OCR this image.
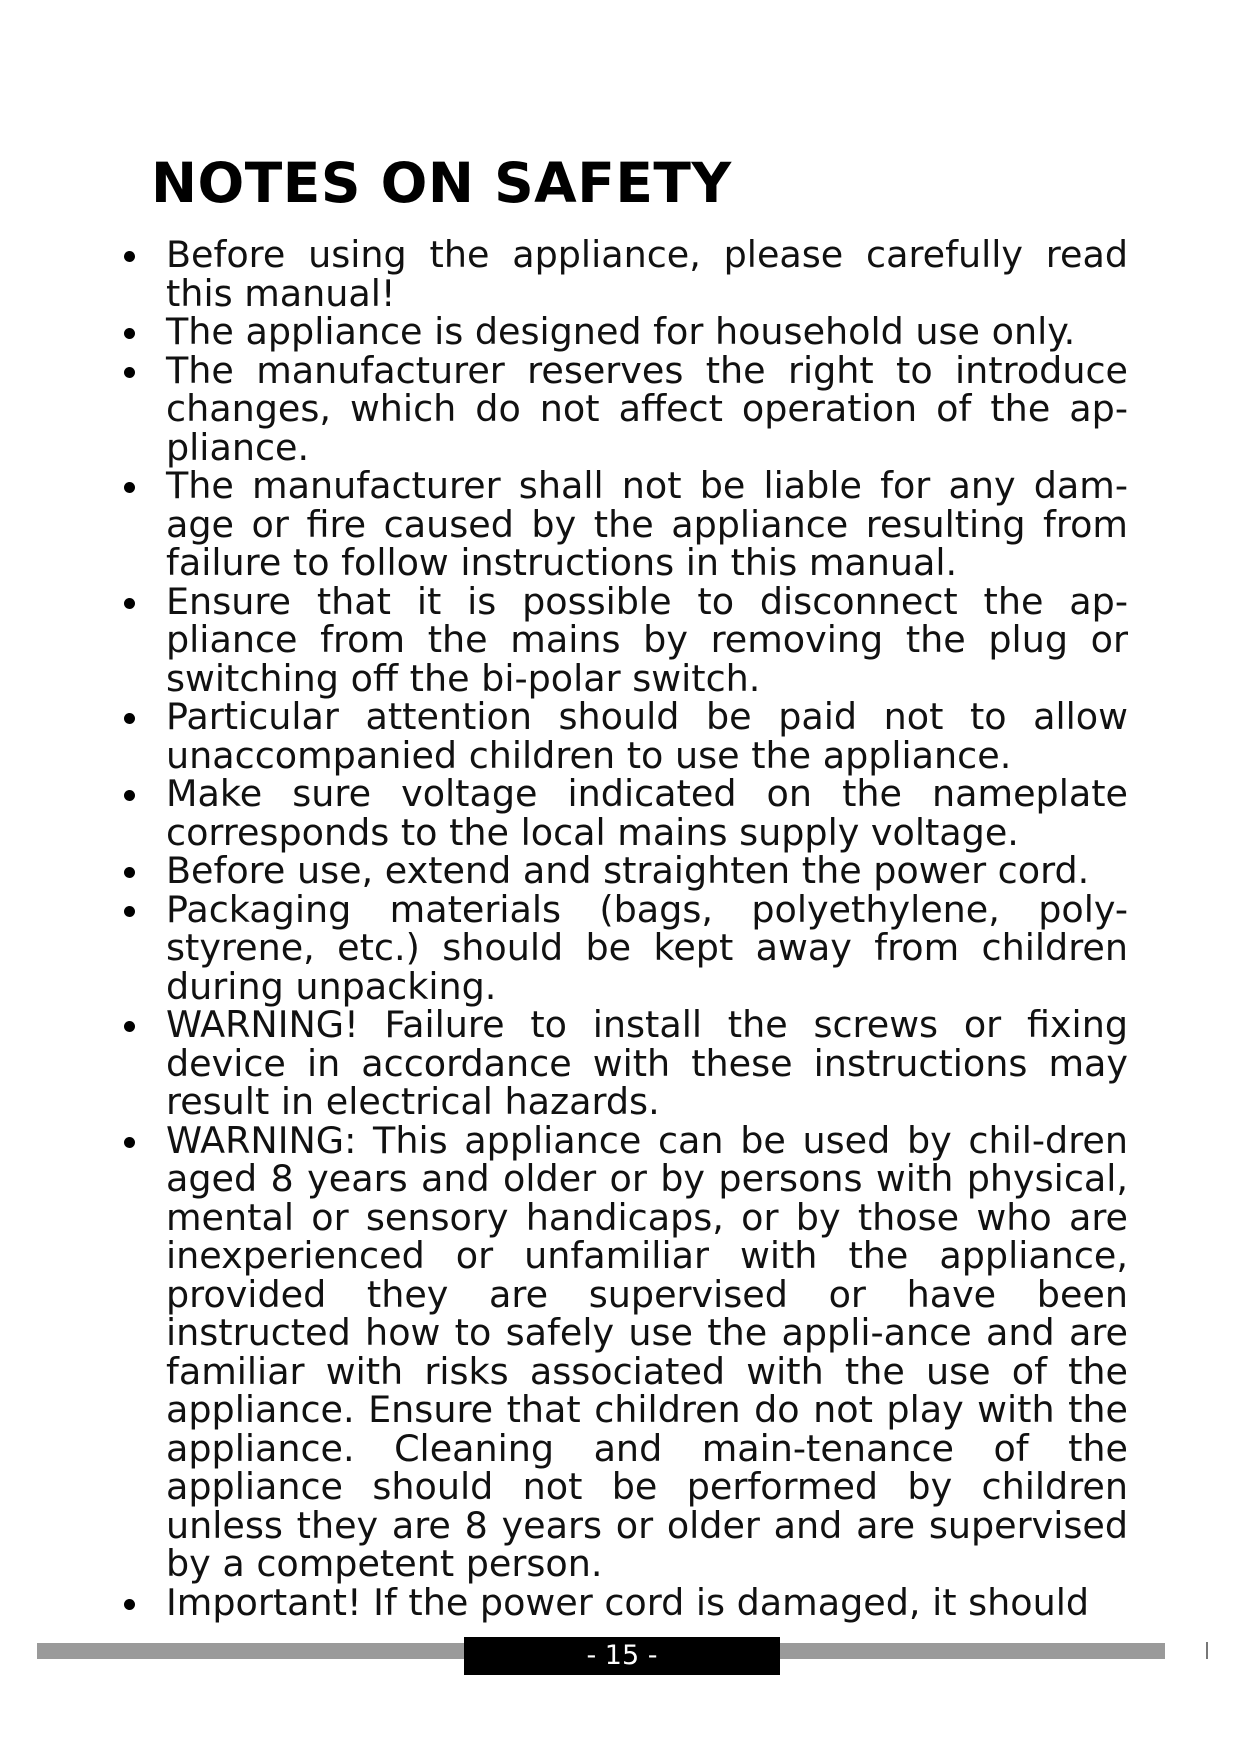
NOTES ON SAFETY
Before using the appliance, please carefully read this manual!
The appliance is designed for household use only.
The manufacturer reserves the right to introduce changes, which do not affect operation of the ap-pliance.
The manufacturer shall not be liable for any dam-age or fire caused by the appliance resulting from failure to follow instructions in this manual.
Ensure that it is possible to disconnect the ap-pliance from the mains by removing the plug or switching off the bi-polar switch.
Particular attention should be paid not to allow unaccompanied children to use the appliance.
Make sure voltage indicated on the nameplate corresponds to the local mains supply voltage.
Before use, extend and straighten the power cord.
Packaging materials (bags, polyethylene, poly-styrene, etc.) should be kept away from children during unpacking.
WARNING! Failure to install the screws or fixing device in accordance with these instructions may result in electrical hazards.
WARNING: This appliance can be used by chil-dren aged 8 years and older or by persons with physical, mental or sensory handicaps, or by those who are inexperienced or unfamiliar with the appliance, provided they are supervised or have been instructed how to safely use the appli-ance and are familiar with risks associated with the use of the appliance. Ensure that children do not play with the appliance. Cleaning and main-tenance of the appliance should not be performed by children unless they are 8 years or older and are supervised by a competent person.
Important! If the power cord is damaged, it should
- 15 -
